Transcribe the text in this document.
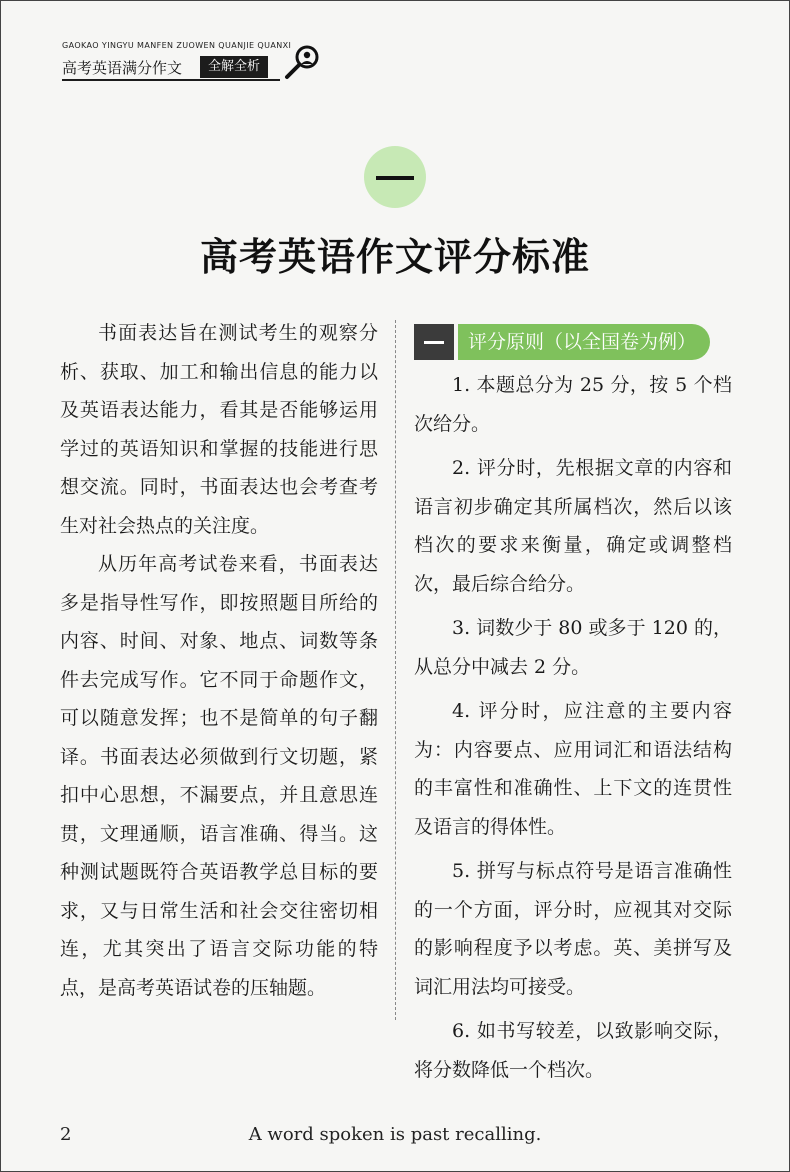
GAOKAO YINGYU MANFEN ZUOWEN QUANJIE QUANXI
高考英语满分作文	全解全析
高考英语作文评分标准

书面表达旨在测试考生的观察分析、获取、加工和输出信息的能力以及英语表达能力，看其是否能够运用学过的英语知识和掌握的技能进行思想交流。同时，书面表达也会考查考生对社会热点的关注度。

从历年高考试卷来看，书面表达多是指导性写作，即按照题目所给的内容、时间、对象、地点、词数等条件去完成写作。它不同于命题作文，可以随意发挥；也不是简单的句子翻译。书面表达必须做到行文切题，紧扣中心思想，不漏要点，并且意思连贯，文理通顺，语言准确、得当。这种测试题既符合英语教学总目标的要求，又与日常生活和社会交往密切相连，尤其突出了语言交际功能的特点，是高考英语试卷的压轴题。

评分原则（以全国卷为例）

1. 本题总分为 25 分，按 5 个档次给分。

2. 评分时，先根据文章的内容和语言初步确定其所属档次，然后以该档次的要求来衡量，确定或调整档次，最后综合给分。

3. 词数少于 80 或多于 120 的，从总分中减去 2 分。

4. 评分时，应注意的主要内容为：内容要点、应用词汇和语法结构的丰富性和准确性、上下文的连贯性及语言的得体性。

5. 拼写与标点符号是语言准确性的一个方面，评分时，应视其对交际的影响程度予以考虑。英、美拼写及词汇用法均可接受。

6. 如书写较差，以致影响交际，将分数降低一个档次。

2	A word spoken is past recalling.
